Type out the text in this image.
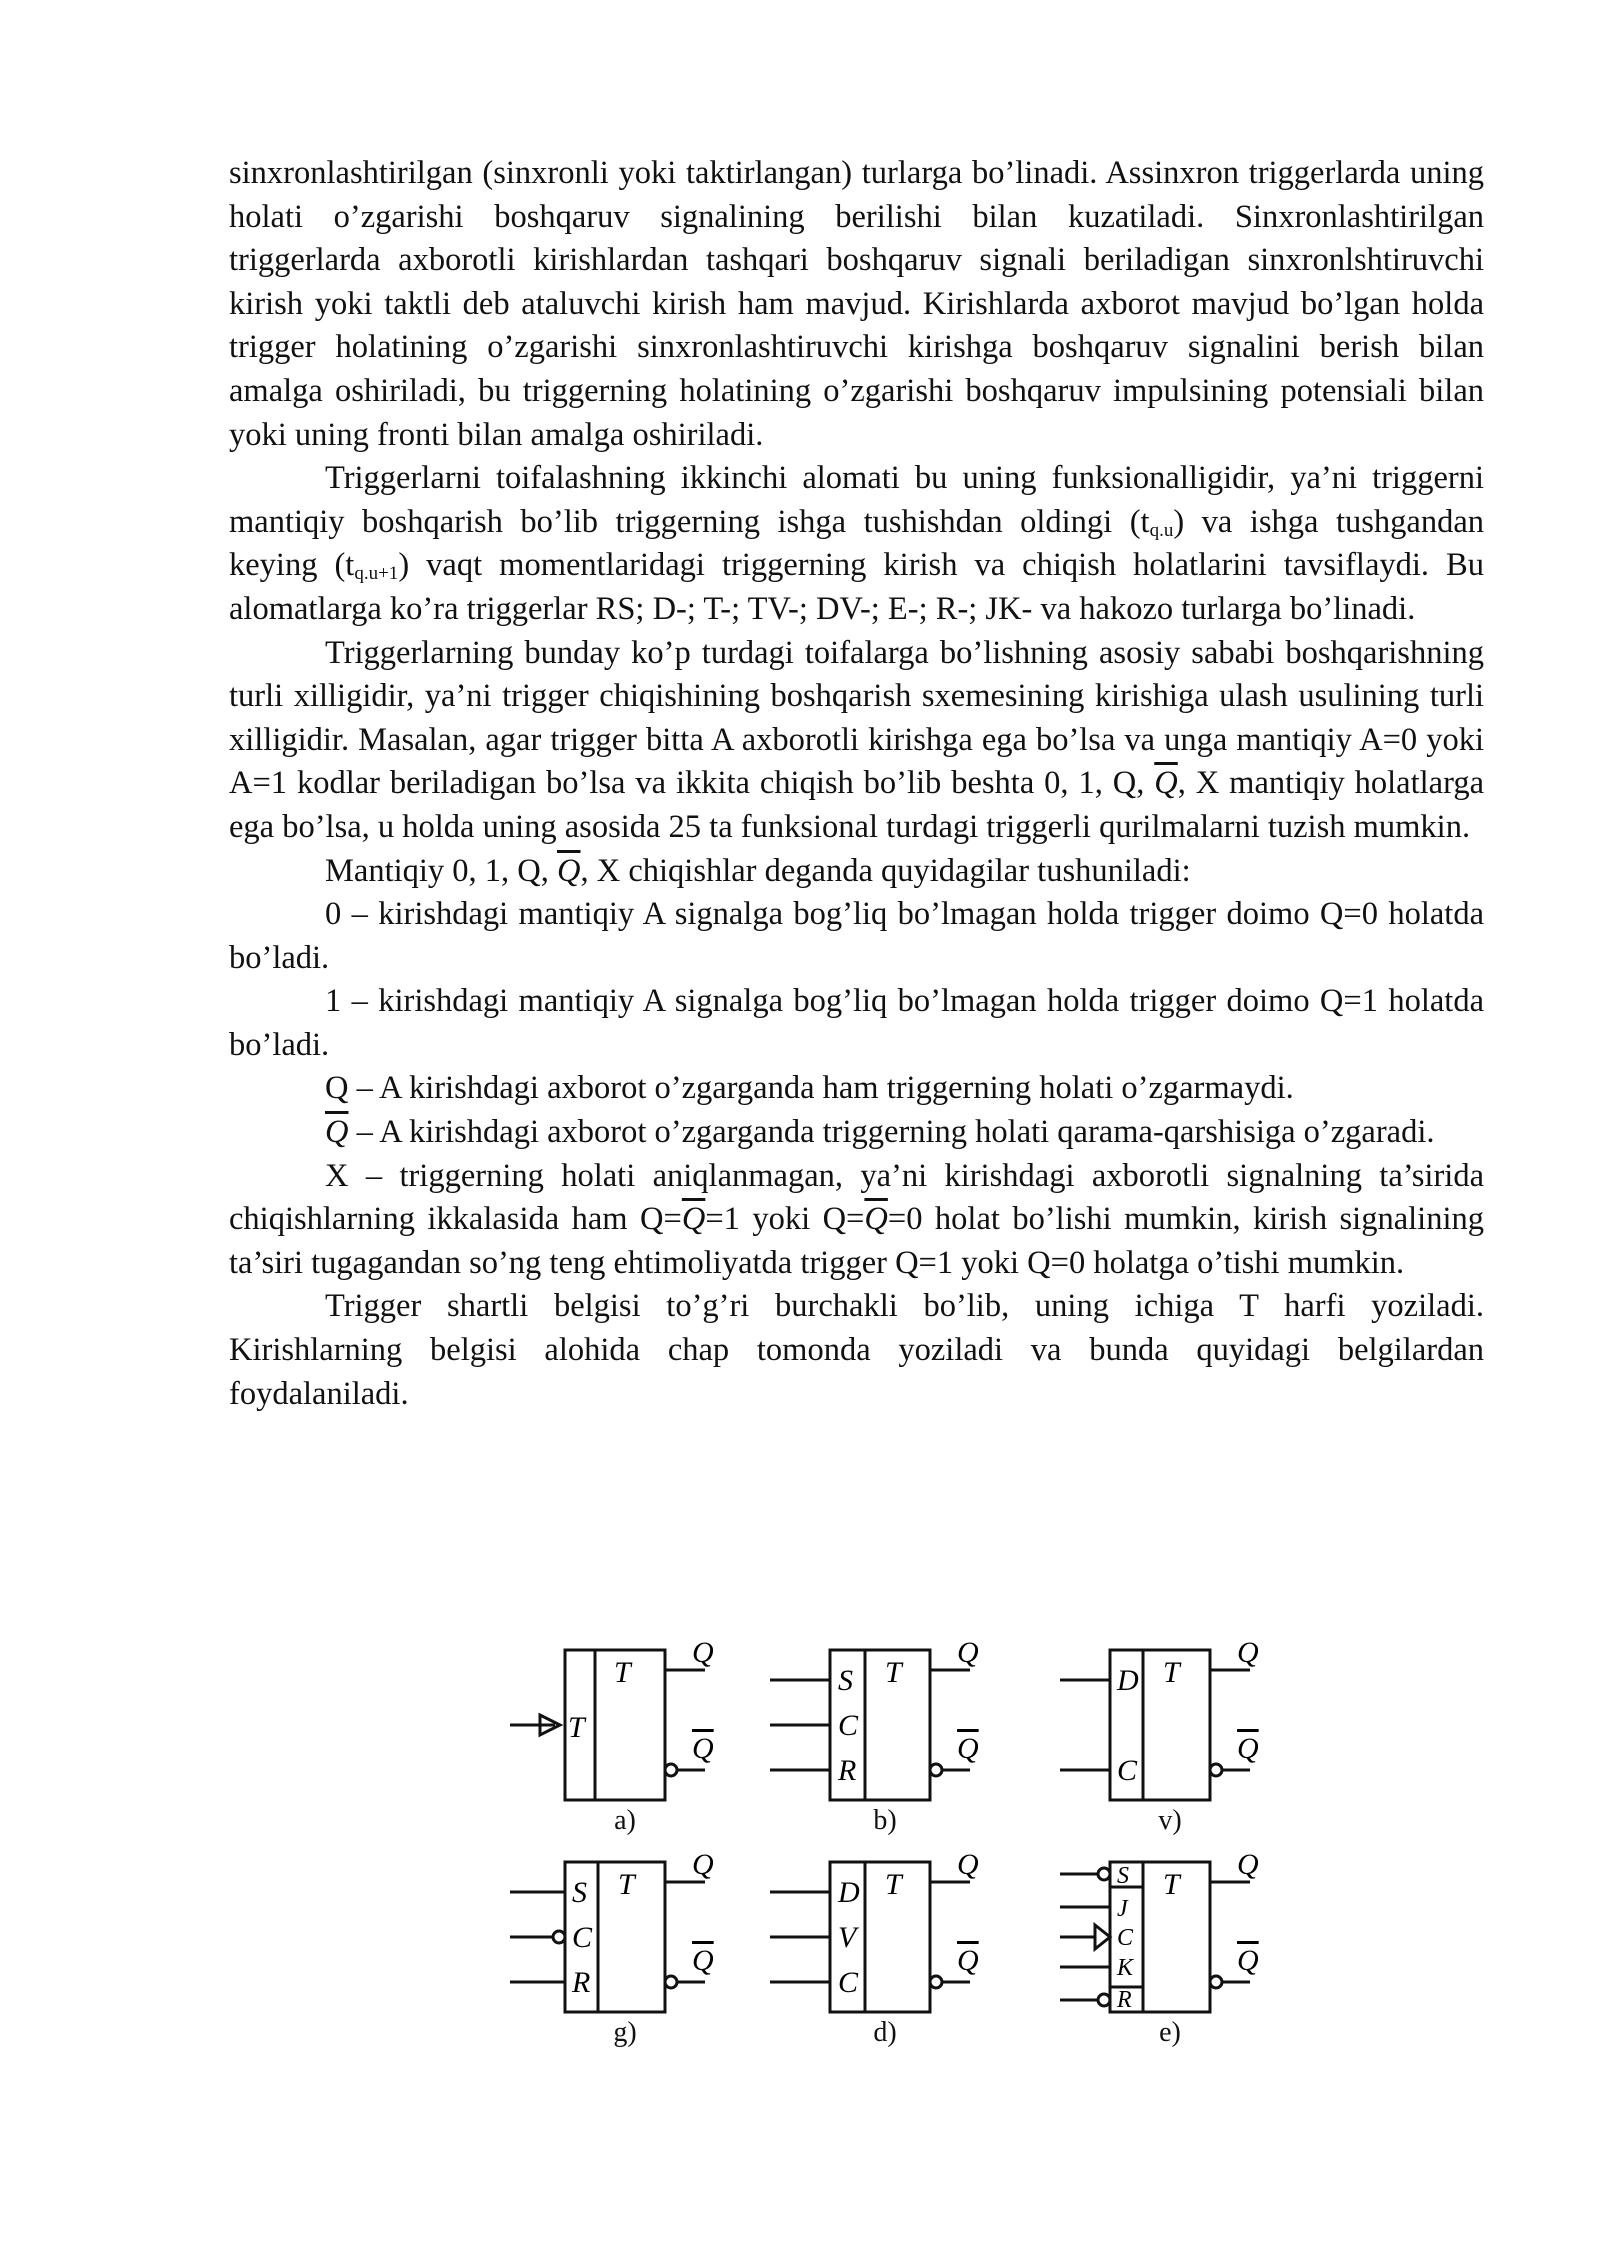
sinxronlashtirilgan (sinxronli yoki taktirlangan) turlarga bo’linadi. Assinxron triggerlarda uning holati o’zgarishi boshqaruv signalining berilishi bilan kuzatiladi. Sinxronlashtirilgan triggerlarda axborotli kirishlardan tashqari boshqaruv signali beriladigan sinxronlshtiruvchi kirish yoki taktli deb ataluvchi kirish ham mavjud. Kirishlarda axborot mavjud bo’lgan holda trigger holatining o’zgarishi sinxronlashtiruvchi kirishga boshqaruv signalini berish bilan amalga oshiriladi, bu triggerning holatining o’zgarishi boshqaruv impulsining potensiali bilan yoki uning fronti bilan amalga oshiriladi.

Triggerlarni toifalashning ikkinchi alomati bu uning funksionalligidir, ya’ni triggerni mantiqiy boshqarish bo’lib triggerning ishga tushishdan oldingi $(t_{q.u})$ va ishga tushgandan keying $(t_{q.u+1})$ vaqt momentlaridagi triggerning kirish va chiqish holatlarini tavsiflaydi. Bu alomatlarga ko’ra triggerlar RS; D-; T-; TV-; DV-; E-; R-; JK- va hakozo turlarga bo’linadi.

Triggerlarning bunday ko’p turdagi toifalarga bo’lishning asosiy sababi boshqarishning turli xilligidir, ya’ni trigger chiqishining boshqarish sxemesining kirishiga ulash usulining turli xilligidir. Masalan, agar trigger bitta A axborotli kirishga ega bo’lsa va unga mantiqiy A=0 yoki A=1 kodlar beriladigan bo’lsa va ikkita chiqish bo’lib beshta 0, 1, Q, $\overline{Q}$, X mantiqiy holatlarga ega bo’lsa, u holda uning asosida 25 ta funksional turdagi triggerli qurilmalarni tuzish mumkin.

Mantiqiy 0, 1, Q, $\overline{Q}$, X chiqishlar deganda quyidagilar tushuniladi:

0 – kirishdagi mantiqiy A signalga bog’liq bo’lmagan holda trigger doimo Q=0 holatda bo’ladi.

1 – kirishdagi mantiqiy A signalga bog’liq bo’lmagan holda trigger doimo Q=1 holatda bo’ladi.

Q – A kirishdagi axborot o’zgarganda ham triggerning holati o’zgarmaydi.

$\overline{Q}$ – A kirishdagi axborot o’zgarganda triggerning holati qarama-qarshisiga o’zgaradi.

X – triggerning holati aniqlanmagan, ya’ni kirishdagi axborotli signalning ta’sirida chiqishlarning ikkalasida ham $Q=\overline{Q}=1$ yoki $Q=\overline{Q}=0$ holat bo’lishi mumkin, kirish signalining ta’siri tugagandan so’ng teng ehtimoliyatda trigger Q=1 yoki Q=0 holatga o’tishi mumkin.

Trigger shartli belgisi to’g’ri burchakli bo’lib, uning ichiga T harfi yoziladi. Kirishlarning belgisi alohida chap tomonda yoziladi va bunda quyidagi belgilardan foydalaniladi.

T
T
Q
Q
a)
S
C
R
T
Q
Q
b)
D
C
T
Q
Q
v)
S
C
R
T
Q
Q
g)
D
V
C
T
Q
Q
d)
S
J
C
K
R
T
Q
Q
e)
